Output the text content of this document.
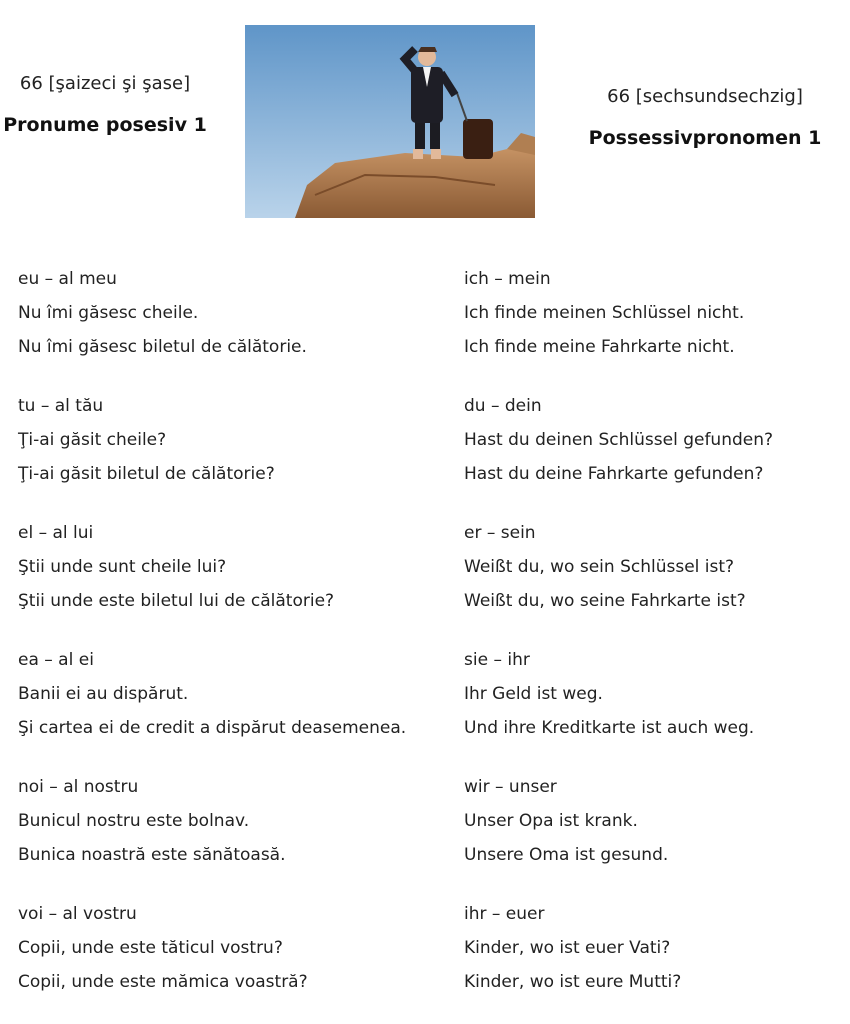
66 [şaizeci şi şase]
Pronume posesiv 1
66 [sechsundsechzig]
Possessivpronomen 1
eu – al meu	ich – mein
Nu îmi găsesc cheile.	Ich finde meinen Schlüssel nicht.
Nu îmi găsesc biletul de călătorie.	Ich finde meine Fahrkarte nicht.
tu – al tău	du – dein
Ţi-ai găsit cheile?	Hast du deinen Schlüssel gefunden?
Ţi-ai găsit biletul de călătorie?	Hast du deine Fahrkarte gefunden?
el – al lui	er – sein
Ştii unde sunt cheile lui?	Weißt du, wo sein Schlüssel ist?
Ştii unde este biletul lui de călătorie?	Weißt du, wo seine Fahrkarte ist?
ea – al ei	sie – ihr
Banii ei au dispărut.	Ihr Geld ist weg.
Şi cartea ei de credit a dispărut deasemenea.	Und ihre Kreditkarte ist auch weg.
noi – al nostru	wir – unser
Bunicul nostru este bolnav.	Unser Opa ist krank.
Bunica noastră este sănătoasă.	Unsere Oma ist gesund.
voi – al vostru	ihr – euer
Copii, unde este tăticul vostru?	Kinder, wo ist euer Vati?
Copii, unde este mămica voastră?	Kinder, wo ist eure Mutti?
